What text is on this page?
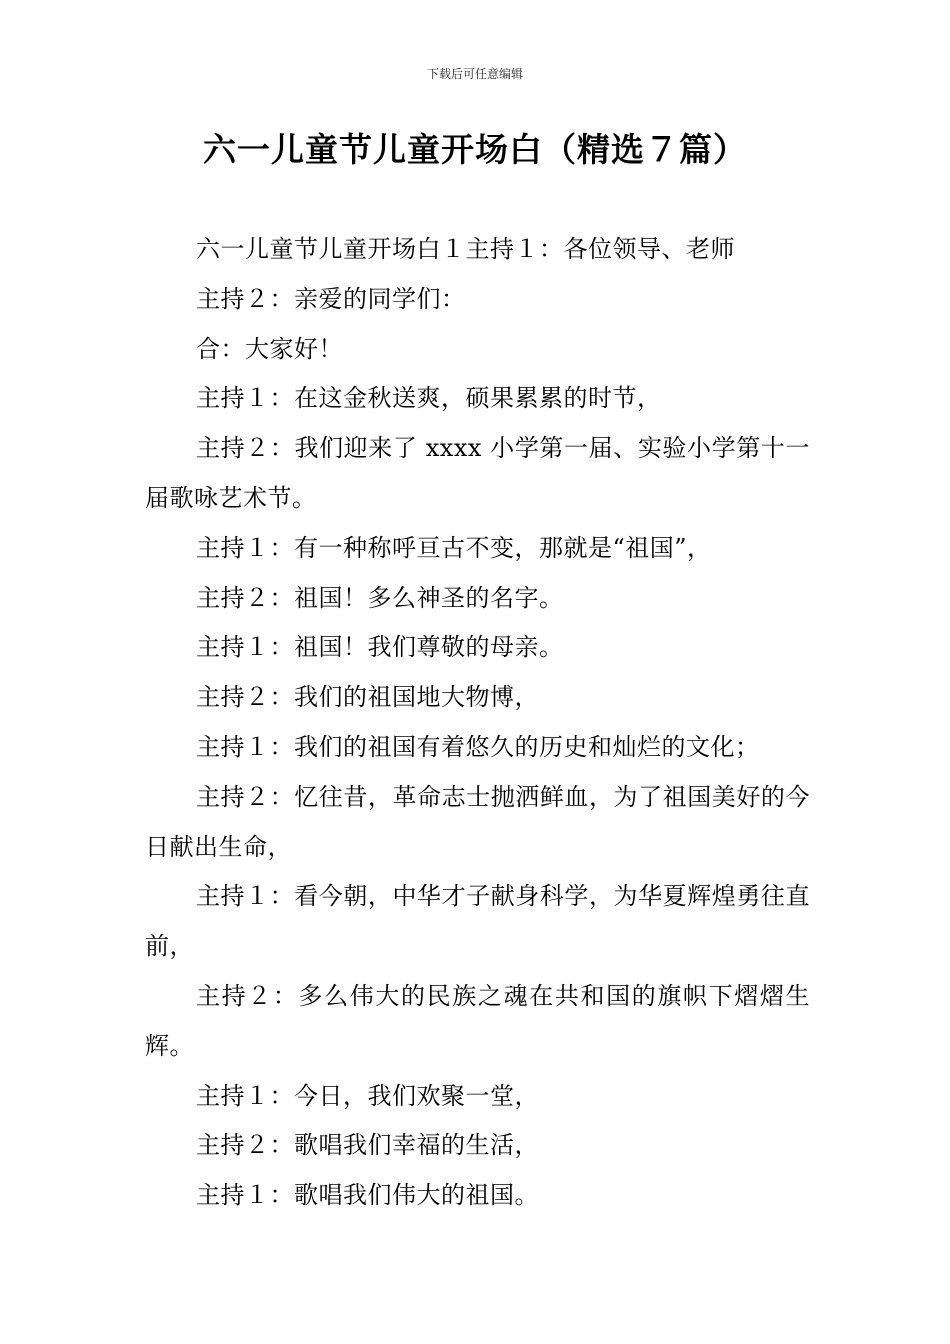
下载后可任意编辑
六一儿童节儿童开场白（精选７篇）

六一儿童节儿童开场白１主持１：各位领导、老师

主持２：亲爱的同学们：

合：大家好！

主持１：在这金秋送爽，硕果累累的时节，

主持２：我们迎来了 xxxx 小学第一届、实验小学第十一届歌咏艺术节。

主持１：有一种称呼亘古不变，那就是“祖国”，

主持２：祖国！多么神圣的名字。

主持１：祖国！我们尊敬的母亲。

主持２：我们的祖国地大物博，

主持１：我们的祖国有着悠久的历史和灿烂的文化；

主持２：忆往昔，革命志士抛洒鲜血，为了祖国美好的今日献出生命，

主持１：看今朝，中华才子献身科学，为华夏辉煌勇往直前，

主持２：多么伟大的民族之魂在共和国的旗帜下熠熠生辉。

主持１：今日，我们欢聚一堂，

主持２：歌唱我们幸福的生活，

主持１：歌唱我们伟大的祖国。
